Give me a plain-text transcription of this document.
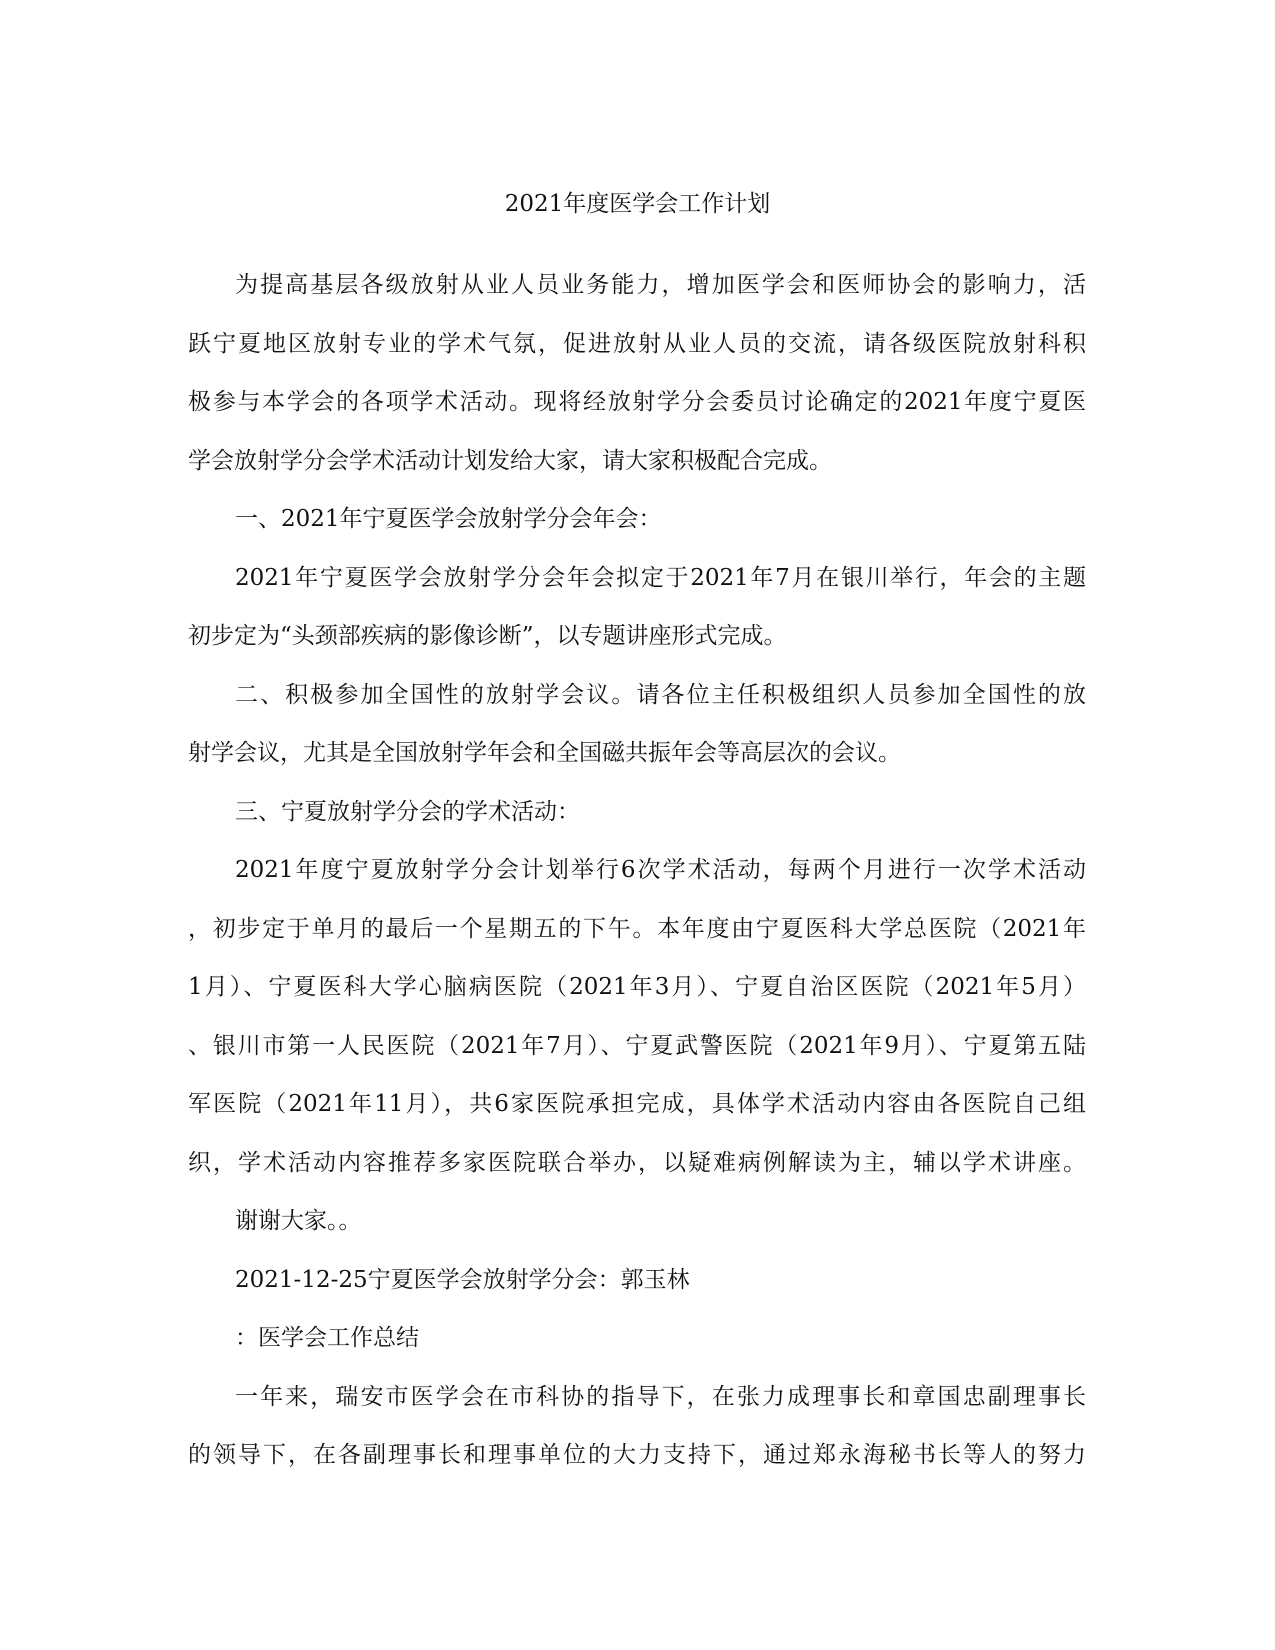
2021年度医学会工作计划
为提高基层各级放射从业人员业务能力，增加医学会和医师协会的影响力，活
跃宁夏地区放射专业的学术气氛，促进放射从业人员的交流，请各级医院放射科积
极参与本学会的各项学术活动。现将经放射学分会委员讨论确定的2021年度宁夏医
学会放射学分会学术活动计划发给大家，请大家积极配合完成。
一、2021年宁夏医学会放射学分会年会：
2021年宁夏医学会放射学分会年会拟定于2021年7月在银川举行，年会的主题
初步定为“头颈部疾病的影像诊断”，以专题讲座形式完成。
二、积极参加全国性的放射学会议。请各位主任积极组织人员参加全国性的放
射学会议，尤其是全国放射学年会和全国磁共振年会等高层次的会议。
三、宁夏放射学分会的学术活动：
2021年度宁夏放射学分会计划举行6次学术活动，每两个月进行一次学术活动
，初步定于单月的最后一个星期五的下午。本年度由宁夏医科大学总医院（2021年
1月）、宁夏医科大学心脑病医院（2021年3月）、宁夏自治区医院（2021年5月）
、银川市第一人民医院（2021年7月）、宁夏武警医院（2021年9月）、宁夏第五陆
军医院（2021年11月），共6家医院承担完成，具体学术活动内容由各医院自己组
织，学术活动内容推荐多家医院联合举办，以疑难病例解读为主，辅以学术讲座。
谢谢大家。。
2021-12-25宁夏医学会放射学分会：郭玉林
：医学会工作总结
一年来，瑞安市医学会在市科协的指导下，在张力成理事长和章国忠副理事长
的领导下，在各副理事长和理事单位的大力支持下，通过郑永海秘书长等人的努力
